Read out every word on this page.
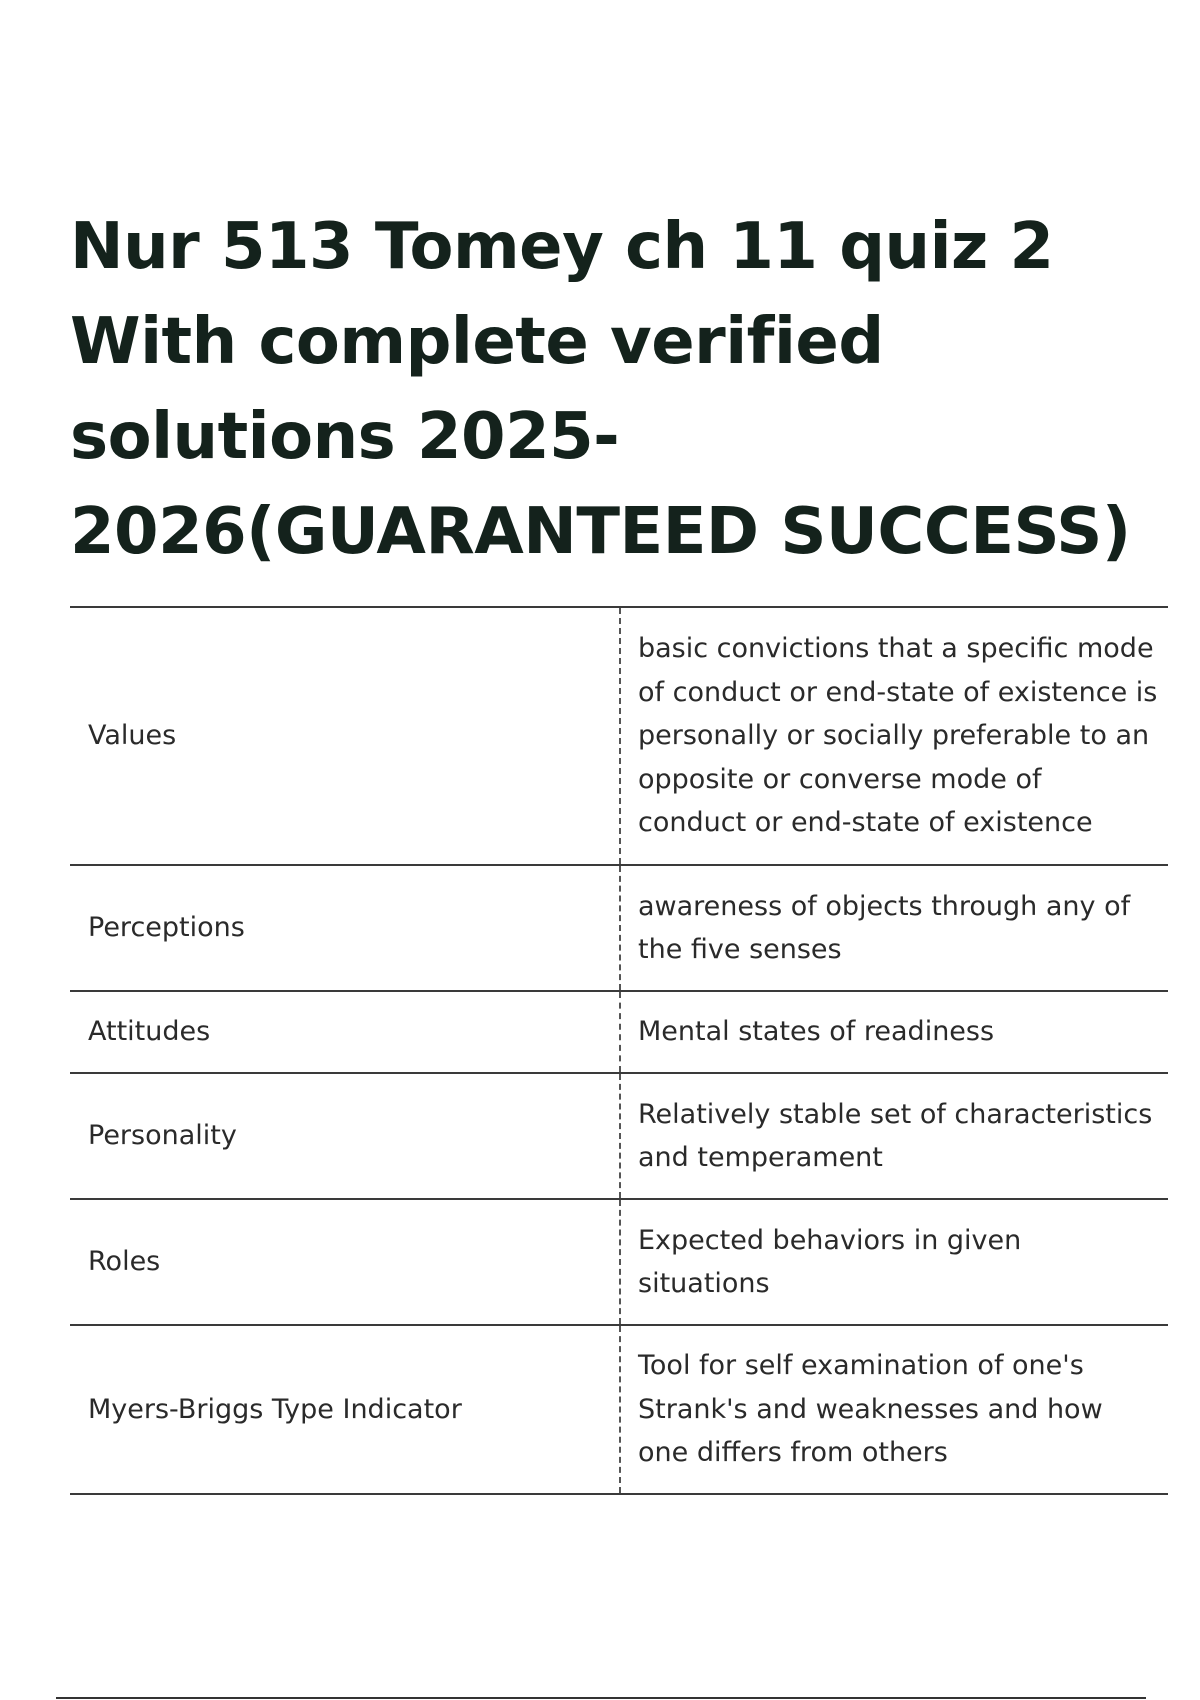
Nur 513 Tomey ch 11 quiz 2
With complete verified
solutions 2025-
2026(GUARANTEED SUCCESS)
Values	basic convictions that a specific mode of conduct or end-state of existence is personally or socially preferable to an opposite or converse mode of conduct or end-state of existence
Perceptions	awareness of objects through any of the five senses
Attitudes	Mental states of readiness
Personality	Relatively stable set of characteristics and temperament
Roles	Expected behaviors in given situations
Myers-Briggs Type Indicator	Tool for self examination of one's Strank's and weaknesses and how one differs from others
